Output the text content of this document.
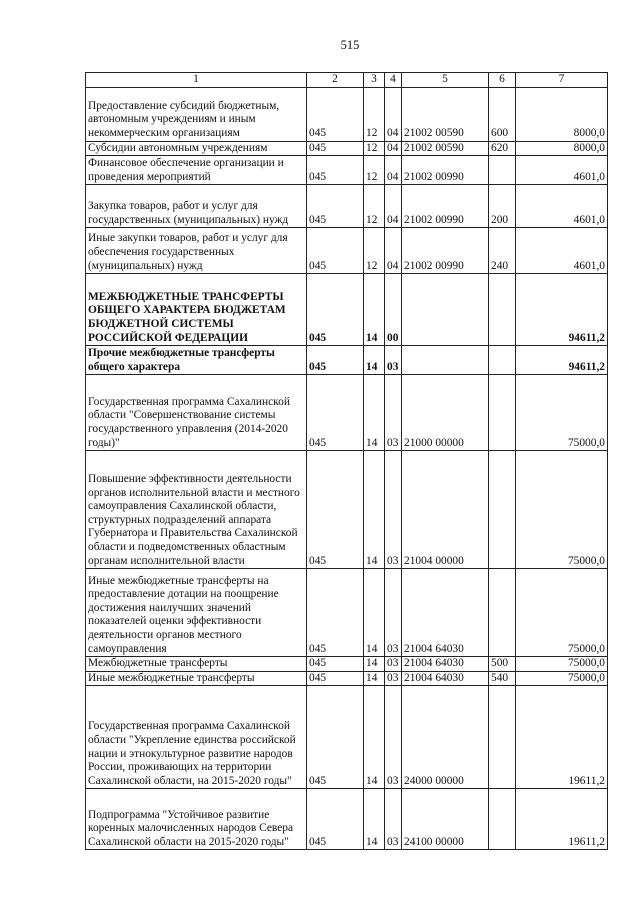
515
1	2	3	4	5	6	7
Предоставление субсидий бюджетным, автономным учреждениям и иным некоммерческим организациям	045	12	04	21002 00590	600	8000,0
Субсидии автономным учреждениям	045	12	04	21002 00590	620	8000,0
Финансовое обеспечение организации и проведения мероприятий	045	12	04	21002 00990		4601,0
Закупка товаров, работ и услуг для государственных (муниципальных) нужд	045	12	04	21002 00990	200	4601,0
Иные закупки товаров, работ и услуг для обеспечения государственных (муниципальных) нужд	045	12	04	21002 00990	240	4601,0
МЕЖБЮДЖЕТНЫЕ ТРАНСФЕРТЫ ОБЩЕГО ХАРАКТЕРА БЮДЖЕТАМ БЮДЖЕТНОЙ СИСТЕМЫ РОССИЙСКОЙ ФЕДЕРАЦИИ	045	14	00			94611,2
Прочие межбюджетные трансферты общего характера	045	14	03			94611,2
Государственная программа Сахалинской области "Совершенствование системы государственного управления (2014-2020 годы)"	045	14	03	21000 00000		75000,0
Повышение эффективности деятельности органов исполнительной власти и местного самоуправления Сахалинской области, структурных подразделений аппарата Губернатора и Правительства Сахалинской области и подведомственных областным органам исполнительной власти	045	14	03	21004 00000		75000,0
Иные межбюджетные трансферты на предоставление дотации на поощрение достижения наилучших значений показателей оценки эффективности деятельности органов местного самоуправления	045	14	03	21004 64030		75000,0
Межбюджетные трансферты	045	14	03	21004 64030	500	75000,0
Иные межбюджетные трансферты	045	14	03	21004 64030	540	75000,0
Государственная программа Сахалинской области "Укрепление единства российской нации и этнокультурное развитие народов России, проживающих на территории Сахалинской области, на 2015-2020 годы"	045	14	03	24000 00000		19611,2
Подпрограмма "Устойчивое развитие коренных малочисленных народов Севера Сахалинской области на 2015-2020 годы"	045	14	03	24100 00000		19611,2
